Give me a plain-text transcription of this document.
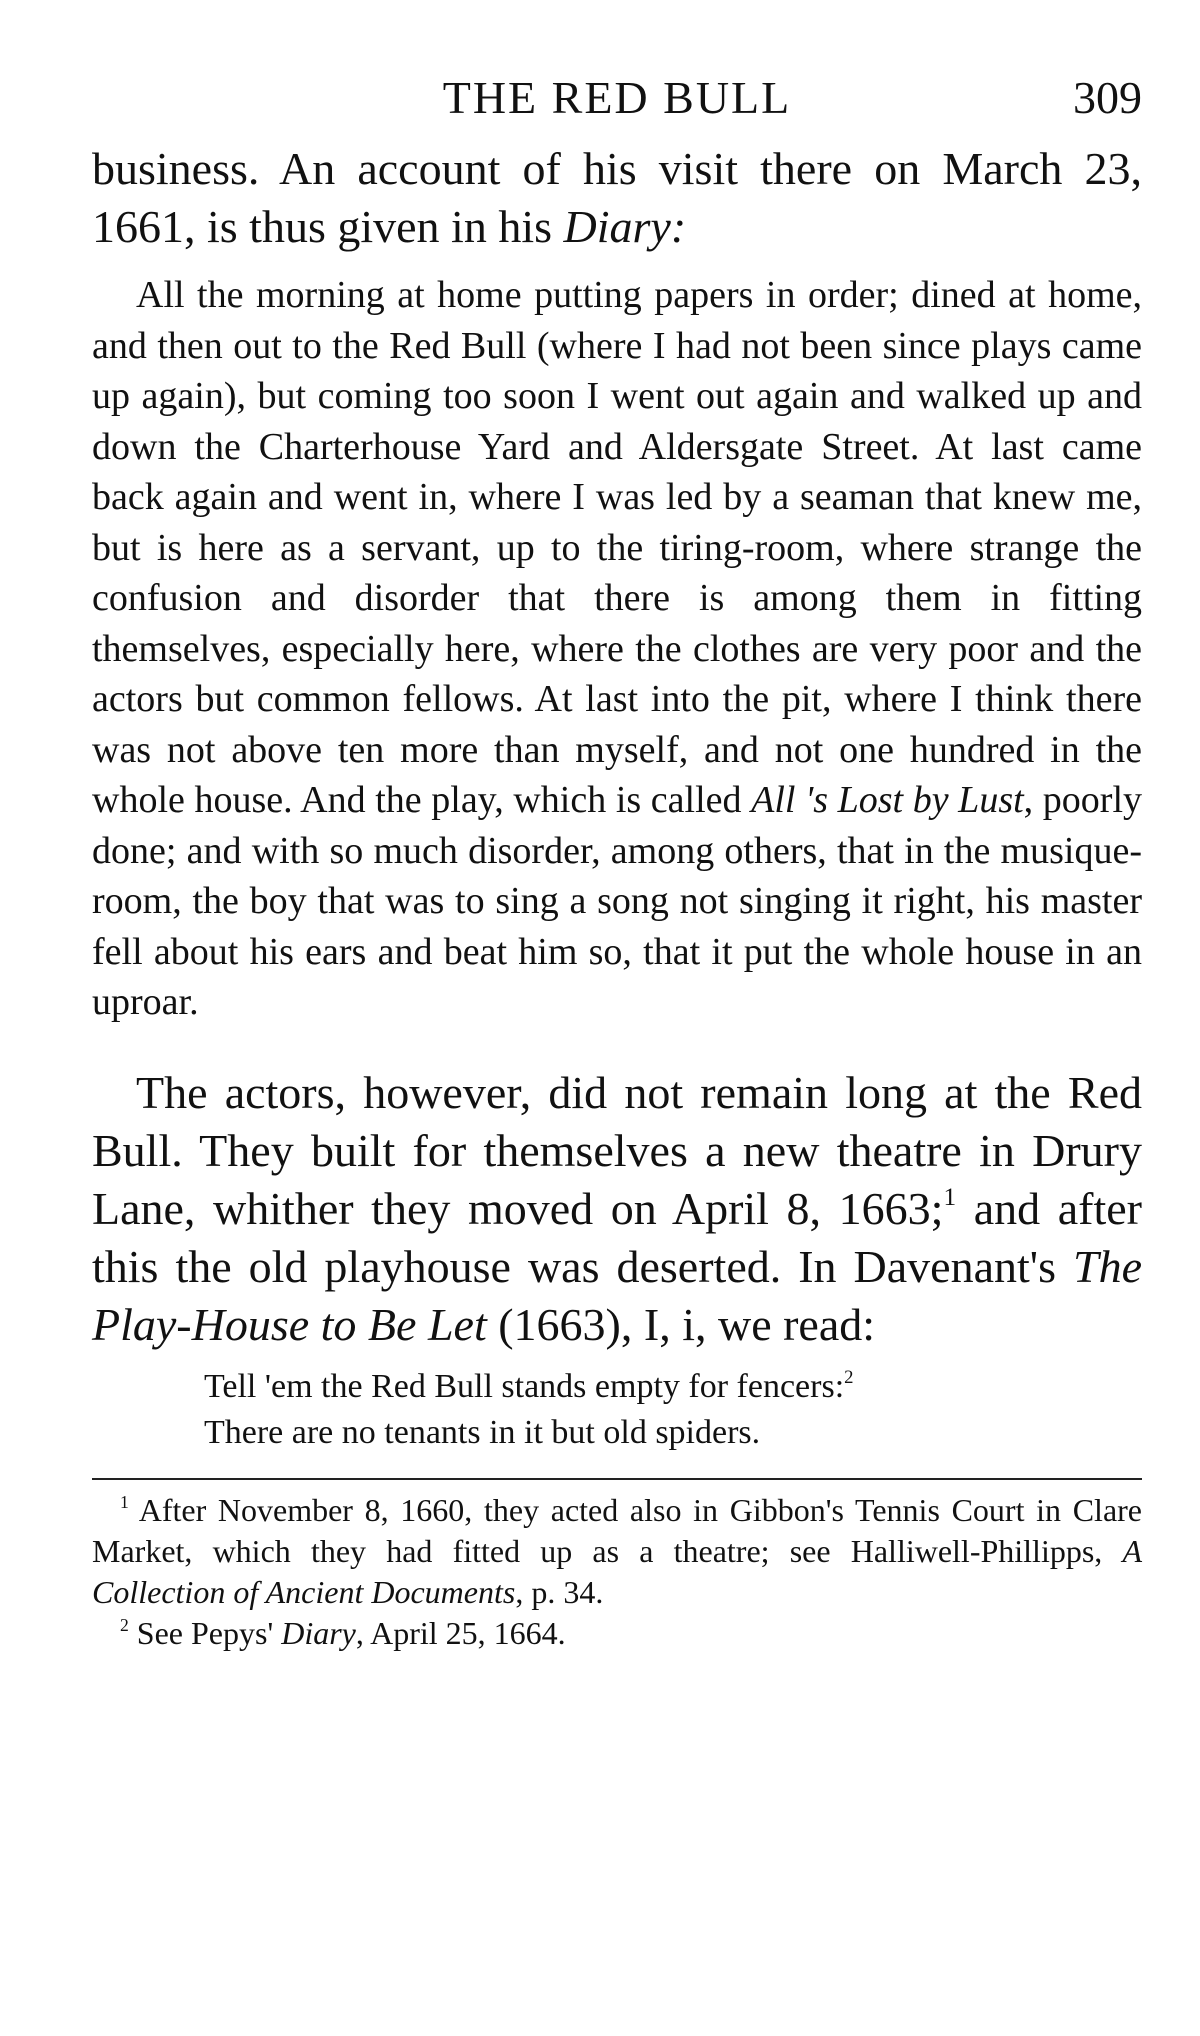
THE RED BULL	309

business. An account of his visit there on March 23, 1661, is thus given in his Diary:

All the morning at home putting papers in order; dined at home, and then out to the Red Bull (where I had not been since plays came up again), but coming too soon I went out again and walked up and down the Charterhouse Yard and Aldersgate Street. At last came back again and went in, where I was led by a seaman that knew me, but is here as a servant, up to the tiring-room, where strange the confusion and disorder that there is among them in fitting themselves, especially here, where the clothes are very poor and the actors but common fellows. At last into the pit, where I think there was not above ten more than myself, and not one hundred in the whole house. And the play, which is called All 's Lost by Lust, poorly done; and with so much disorder, among others, that in the musique-room, the boy that was to sing a song not singing it right, his master fell about his ears and beat him so, that it put the whole house in an uproar.

The actors, however, did not remain long at the Red Bull. They built for themselves a new theatre in Drury Lane, whither they moved on April 8, 1663;$^1$ and after this the old playhouse was deserted. In Davenant's The Play-House to Be Let (1663), I, i, we read:

Tell 'em the Red Bull stands empty for fencers:$^2$
There are no tenants in it but old spiders.

$^1$ After November 8, 1660, they acted also in Gibbon's Tennis Court in Clare Market, which they had fitted up as a theatre; see Halliwell-Phillipps, A Collection of Ancient Documents, p. 34.

$^2$ See Pepys' Diary, April 25, 1664.
